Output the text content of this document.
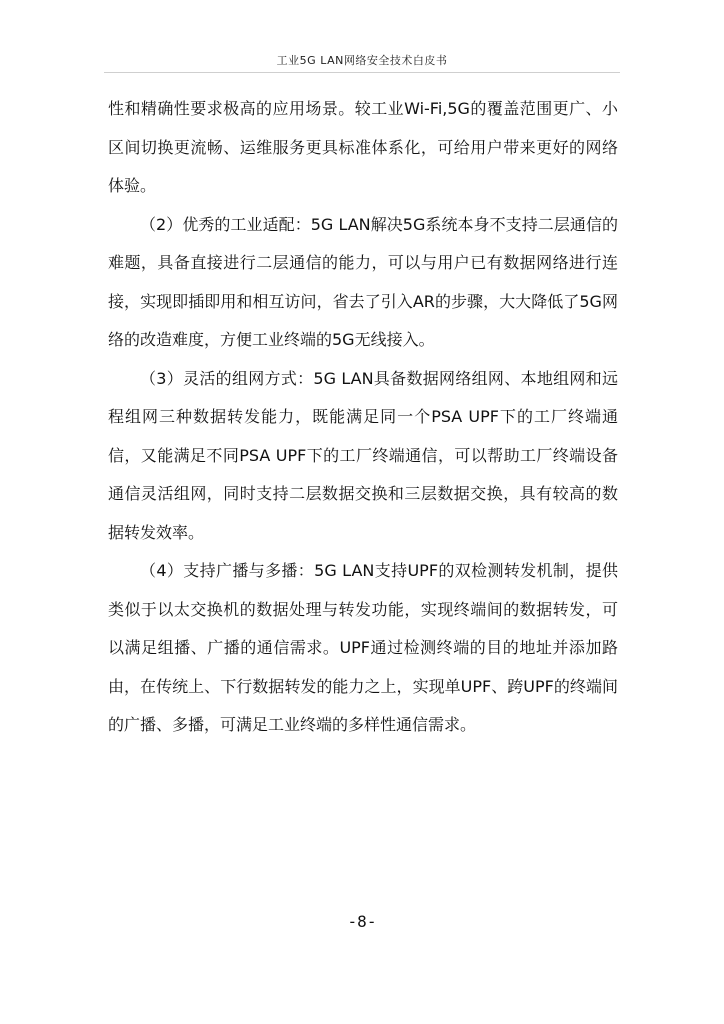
工业5G LAN网络安全技术白皮书

性和精确性要求极高的应用场景。较工业Wi-Fi,5G的覆盖范围更广、小区间切换更流畅、运维服务更具标准体系化，可给用户带来更好的网络体验。

（2）优秀的工业适配：5G LAN解决5G系统本身不支持二层通信的难题，具备直接进行二层通信的能力，可以与用户已有数据网络进行连接，实现即插即用和相互访问，省去了引入AR的步骤，大大降低了5G网络的改造难度，方便工业终端的5G无线接入。

（3）灵活的组网方式：5G LAN具备数据网络组网、本地组网和远程组网三种数据转发能力，既能满足同一个PSA UPF下的工厂终端通信，又能满足不同PSA UPF下的工厂终端通信，可以帮助工厂终端设备通信灵活组网，同时支持二层数据交换和三层数据交换，具有较高的数据转发效率。

（4）支持广播与多播：5G LAN支持UPF的双检测转发机制，提供类似于以太交换机的数据处理与转发功能，实现终端间的数据转发，可以满足组播、广播的通信需求。UPF通过检测终端的目的地址并添加路由，在传统上、下行数据转发的能力之上，实现单UPF、跨UPF的终端间的广播、多播，可满足工业终端的多样性通信需求。

-8-
